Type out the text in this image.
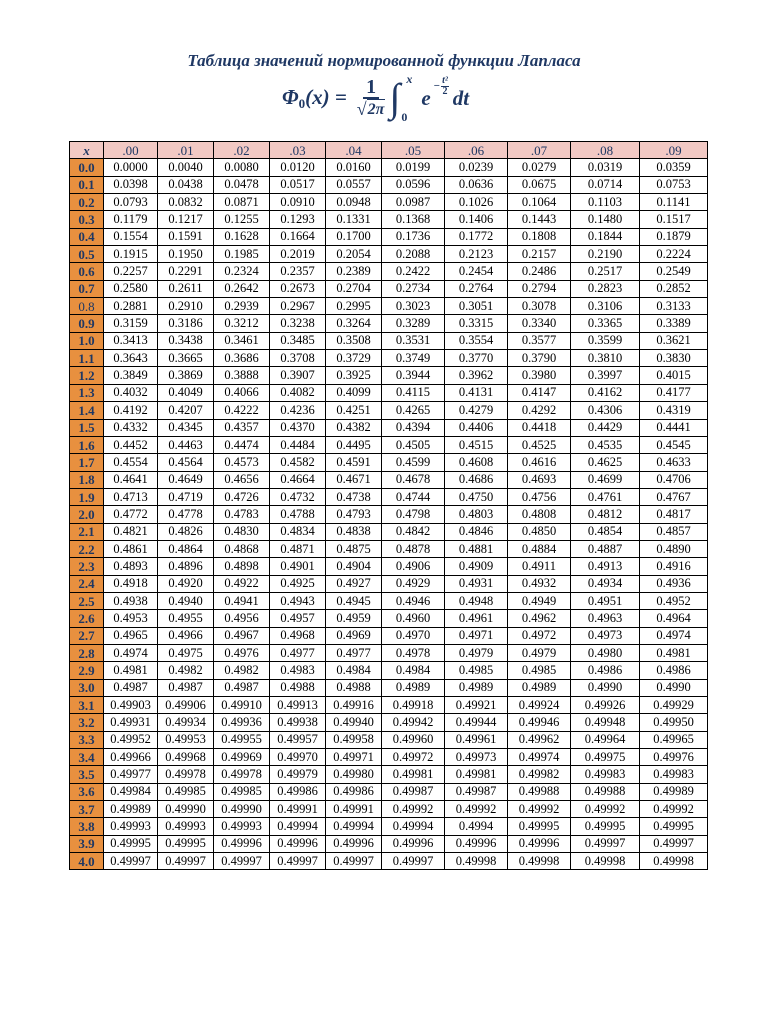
Таблица значений нормированной функции Лапласа
$\Phi_0(x) = \frac{1}{√ 2\pi}$ ∫ x
0
$e - \frac{\text{t²}}{2}$ dt
x	.00	.01	.02	.03	.04	.05	.06	.07	.08	.09
0.0	0.0000	0.0040	0.0080	0.0120	0.0160	0.0199	0.0239	0.0279	0.0319	0.0359
0.1	0.0398	0.0438	0.0478	0.0517	0.0557	0.0596	0.0636	0.0675	0.0714	0.0753
0.2	0.0793	0.0832	0.0871	0.0910	0.0948	0.0987	0.1026	0.1064	0.1103	0.1141
0.3	0.1179	0.1217	0.1255	0.1293	0.1331	0.1368	0.1406	0.1443	0.1480	0.1517
0.4	0.1554	0.1591	0.1628	0.1664	0.1700	0.1736	0.1772	0.1808	0.1844	0.1879
0.5	0.1915	0.1950	0.1985	0.2019	0.2054	0.2088	0.2123	0.2157	0.2190	0.2224
0.6	0.2257	0.2291	0.2324	0.2357	0.2389	0.2422	0.2454	0.2486	0.2517	0.2549
0.7	0.2580	0.2611	0.2642	0.2673	0.2704	0.2734	0.2764	0.2794	0.2823	0.2852
0.8	0.2881	0.2910	0.2939	0.2967	0.2995	0.3023	0.3051	0.3078	0.3106	0.3133
0.9	0.3159	0.3186	0.3212	0.3238	0.3264	0.3289	0.3315	0.3340	0.3365	0.3389
1.0	0.3413	0.3438	0.3461	0.3485	0.3508	0.3531	0.3554	0.3577	0.3599	0.3621
1.1	0.3643	0.3665	0.3686	0.3708	0.3729	0.3749	0.3770	0.3790	0.3810	0.3830
1.2	0.3849	0.3869	0.3888	0.3907	0.3925	0.3944	0.3962	0.3980	0.3997	0.4015
1.3	0.4032	0.4049	0.4066	0.4082	0.4099	0.4115	0.4131	0.4147	0.4162	0.4177
1.4	0.4192	0.4207	0.4222	0.4236	0.4251	0.4265	0.4279	0.4292	0.4306	0.4319
1.5	0.4332	0.4345	0.4357	0.4370	0.4382	0.4394	0.4406	0.4418	0.4429	0.4441
1.6	0.4452	0.4463	0.4474	0.4484	0.4495	0.4505	0.4515	0.4525	0.4535	0.4545
1.7	0.4554	0.4564	0.4573	0.4582	0.4591	0.4599	0.4608	0.4616	0.4625	0.4633
1.8	0.4641	0.4649	0.4656	0.4664	0.4671	0.4678	0.4686	0.4693	0.4699	0.4706
1.9	0.4713	0.4719	0.4726	0.4732	0.4738	0.4744	0.4750	0.4756	0.4761	0.4767
2.0	0.4772	0.4778	0.4783	0.4788	0.4793	0.4798	0.4803	0.4808	0.4812	0.4817
2.1	0.4821	0.4826	0.4830	0.4834	0.4838	0.4842	0.4846	0.4850	0.4854	0.4857
2.2	0.4861	0.4864	0.4868	0.4871	0.4875	0.4878	0.4881	0.4884	0.4887	0.4890
2.3	0.4893	0.4896	0.4898	0.4901	0.4904	0.4906	0.4909	0.4911	0.4913	0.4916
2.4	0.4918	0.4920	0.4922	0.4925	0.4927	0.4929	0.4931	0.4932	0.4934	0.4936
2.5	0.4938	0.4940	0.4941	0.4943	0.4945	0.4946	0.4948	0.4949	0.4951	0.4952
2.6	0.4953	0.4955	0.4956	0.4957	0.4959	0.4960	0.4961	0.4962	0.4963	0.4964
2.7	0.4965	0.4966	0.4967	0.4968	0.4969	0.4970	0.4971	0.4972	0.4973	0.4974
2.8	0.4974	0.4975	0.4976	0.4977	0.4977	0.4978	0.4979	0.4979	0.4980	0.4981
2.9	0.4981	0.4982	0.4982	0.4983	0.4984	0.4984	0.4985	0.4985	0.4986	0.4986
3.0	0.4987	0.4987	0.4987	0.4988	0.4988	0.4989	0.4989	0.4989	0.4990	0.4990
3.1	0.49903	0.49906	0.49910	0.49913	0.49916	0.49918	0.49921	0.49924	0.49926	0.49929
3.2	0.49931	0.49934	0.49936	0.49938	0.49940	0.49942	0.49944	0.49946	0.49948	0.49950
3.3	0.49952	0.49953	0.49955	0.49957	0.49958	0.49960	0.49961	0.49962	0.49964	0.49965
3.4	0.49966	0.49968	0.49969	0.49970	0.49971	0.49972	0.49973	0.49974	0.49975	0.49976
3.5	0.49977	0.49978	0.49978	0.49979	0.49980	0.49981	0.49981	0.49982	0.49983	0.49983
3.6	0.49984	0.49985	0.49985	0.49986	0.49986	0.49987	0.49987	0.49988	0.49988	0.49989
3.7	0.49989	0.49990	0.49990	0.49991	0.49991	0.49992	0.49992	0.49992	0.49992	0.49992
3.8	0.49993	0.49993	0.49993	0.49994	0.49994	0.49994	0.4994	0.49995	0.49995	0.49995
3.9	0.49995	0.49995	0.49996	0.49996	0.49996	0.49996	0.49996	0.49996	0.49997	0.49997
4.0	0.49997	0.49997	0.49997	0.49997	0.49997	0.49997	0.49998	0.49998	0.49998	0.49998
